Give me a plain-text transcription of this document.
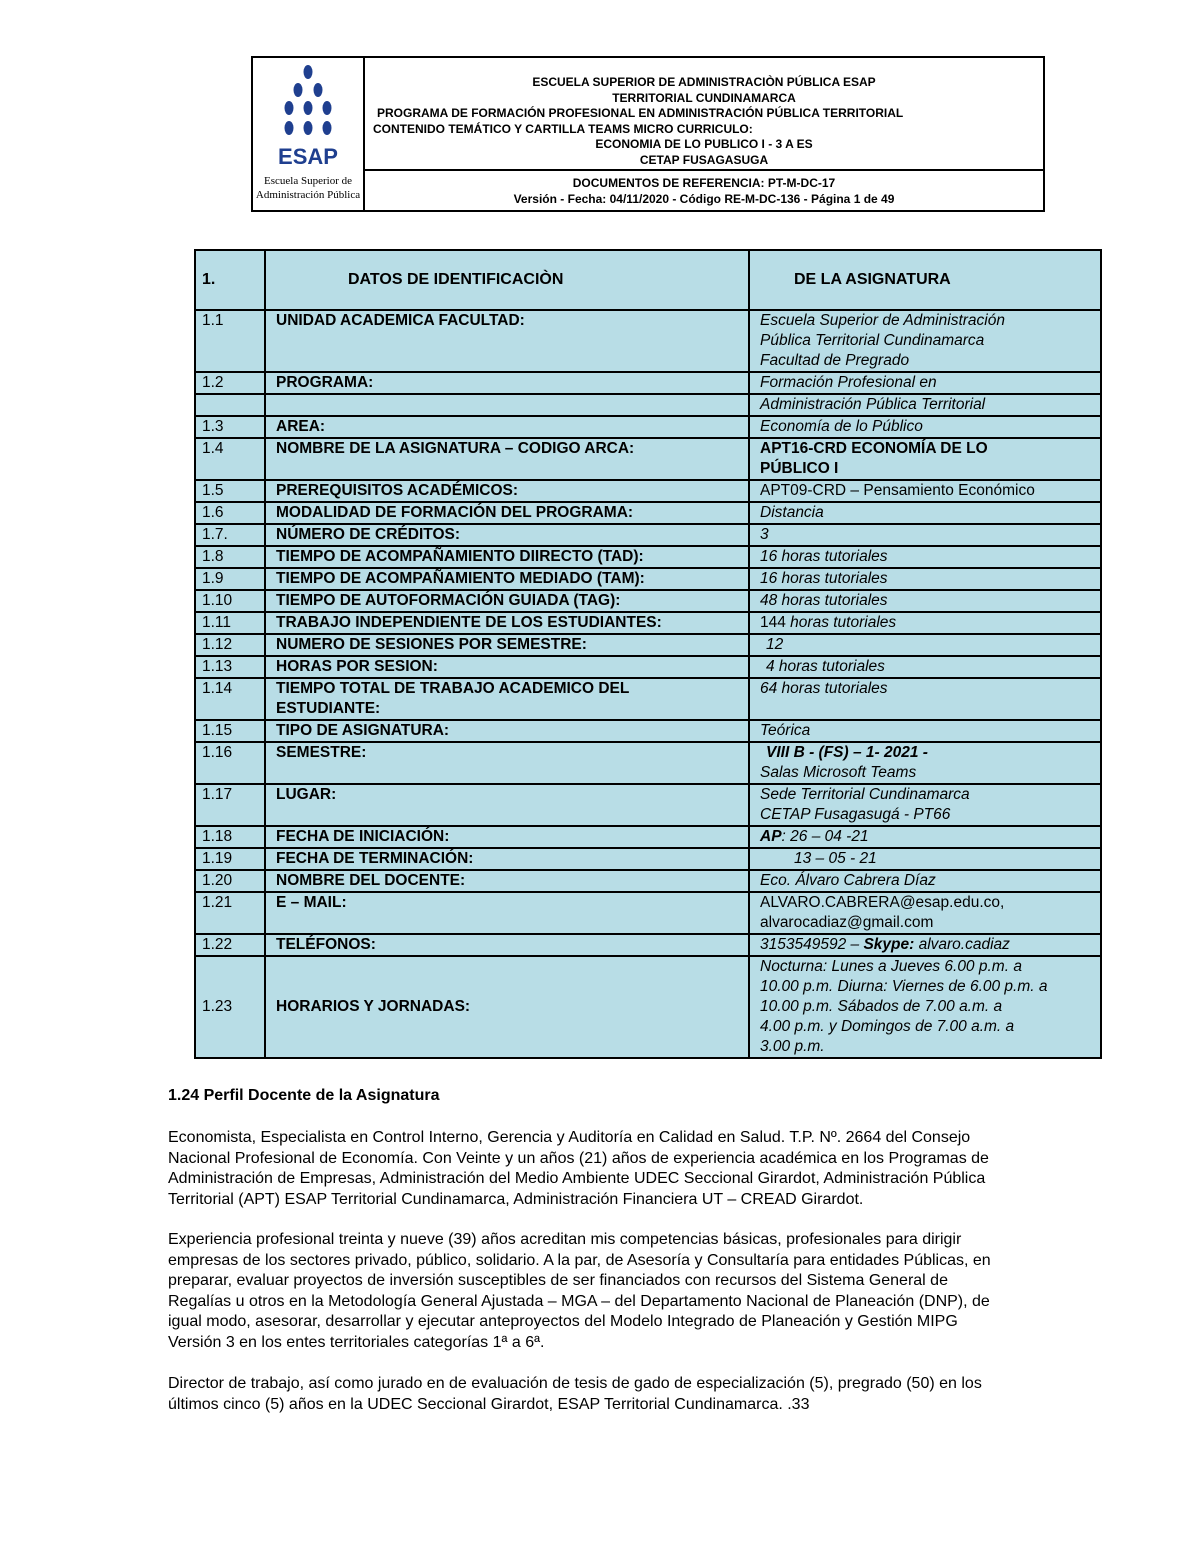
ESAP
Escuela Superior de
Administración Pública
ESCUELA SUPERIOR DE ADMINISTRACIÒN PÚBLICA ESAP
TERRITORIAL CUNDINAMARCA
PROGRAMA DE FORMACIÓN PROFESIONAL EN ADMINISTRACIÓN PÚBLICA TERRITORIAL
CONTENIDO TEMÁTICO Y CARTILLA TEAMS MICRO CURRICULO:
ECONOMIA DE LO PUBLICO I - 3 A ES
CETAP FUSAGASUGA
DOCUMENTOS DE REFERENCIA: PT-M-DC-17
Versión - Fecha: 04/11/2020 - Código RE-M-DC-136 - Página 1 de 49
1.	DATOS DE IDENTIFICACIÒN	DE LA ASIGNATURA
1.1	UNIDAD ACADEMICA FACULTAD:	Escuela Superior de Administración
Pública Territorial Cundinamarca
Facultad de Pregrado

1.2	PROGRAMA:	Formación Profesional en
		Administración Pública Territorial
1.3	AREA:	Economía de lo Público
1.4	NOMBRE DE LA ASIGNATURA – CODIGO ARCA:	APT16-CRD ECONOMÍA DE LO
PÚBLICO I

1.5	PREREQUISITOS ACADÉMICOS:	APT09-CRD – Pensamiento Económico
1.6	MODALIDAD DE FORMACIÓN DEL PROGRAMA:	Distancia
1.7.	NÚMERO DE CRÉDITOS:	3
1.8	TIEMPO DE ACOMPAÑAMIENTO DIIRECTO (TAD):	16 horas tutoriales
1.9	TIEMPO DE ACOMPAÑAMIENTO MEDIADO (TAM):	16 horas tutoriales
1.10	TIEMPO DE AUTOFORMACIÓN GUIADA (TAG):	48 horas tutoriales
1.11	TRABAJO INDEPENDIENTE DE LOS ESTUDIANTES:	144 horas tutoriales
1.12	NUMERO DE SESIONES POR SEMESTRE:	12
1.13	HORAS POR SESION:	4 horas tutoriales
1.14	TIEMPO TOTAL DE TRABAJO ACADEMICO DEL
ESTUDIANTE:	64 horas tutoriales
1.15	TIPO DE ASIGNATURA:	Teórica
1.16	SEMESTRE:	VIII B - (FS) – 1- 2021 -
Salas Microsoft Teams

1.17	LUGAR:	Sede Territorial Cundinamarca
CETAP Fusagasugá - PT66

1.18	FECHA DE INICIACIÓN:	AP: 26 – 04 -21
1.19	FECHA DE TERMINACIÓN:	13 – 05 - 21
1.20	NOMBRE DEL DOCENTE:	Eco. Álvaro Cabrera Díaz
1.21	E – MAIL:	ALVARO.CABRERA@esap.edu.co,
alvarocadiaz@gmail.com

1.22	TELÉFONOS:	3153549592 – Skype: alvaro.cadiaz
1.23	HORARIOS Y JORNADAS:	Nocturna: Lunes a Jueves 6.00 p.m. a
10.00 p.m. Diurna: Viernes de 6.00 p.m. a
10.00 p.m. Sábados de 7.00 a.m. a
4.00 p.m. y Domingos de 7.00 a.m. a
3.00 p.m.
1.24 Perfil Docente de la Asignatura
Economista, Especialista en Control Interno, Gerencia y Auditoría en Calidad en Salud. T.P. Nº. 2664 del Consejo
Nacional Profesional de Economía. Con Veinte y un años (21) años de experiencia académica en los Programas de
Administración de Empresas, Administración del Medio Ambiente UDEC Seccional Girardot, Administración Pública
Territorial (APT) ESAP Territorial Cundinamarca, Administración Financiera UT – CREAD Girardot.
Experiencia profesional treinta y nueve (39) años acreditan mis competencias básicas, profesionales para dirigir
empresas de los sectores privado, público, solidario. A la par, de Asesoría y Consultaría para entidades Públicas, en
preparar, evaluar proyectos de inversión susceptibles de ser financiados con recursos del Sistema General de
Regalías u otros en la Metodología General Ajustada – MGA – del Departamento Nacional de Planeación (DNP), de
igual modo, asesorar, desarrollar y ejecutar anteproyectos del Modelo Integrado de Planeación y Gestión MIPG
Versión 3 en los entes territoriales categorías 1ª a 6ª.
Director de trabajo, así como jurado en de evaluación de tesis de gado de especialización (5), pregrado (50) en los
últimos cinco (5) años en la UDEC Seccional Girardot, ESAP Territorial Cundinamarca. .33
